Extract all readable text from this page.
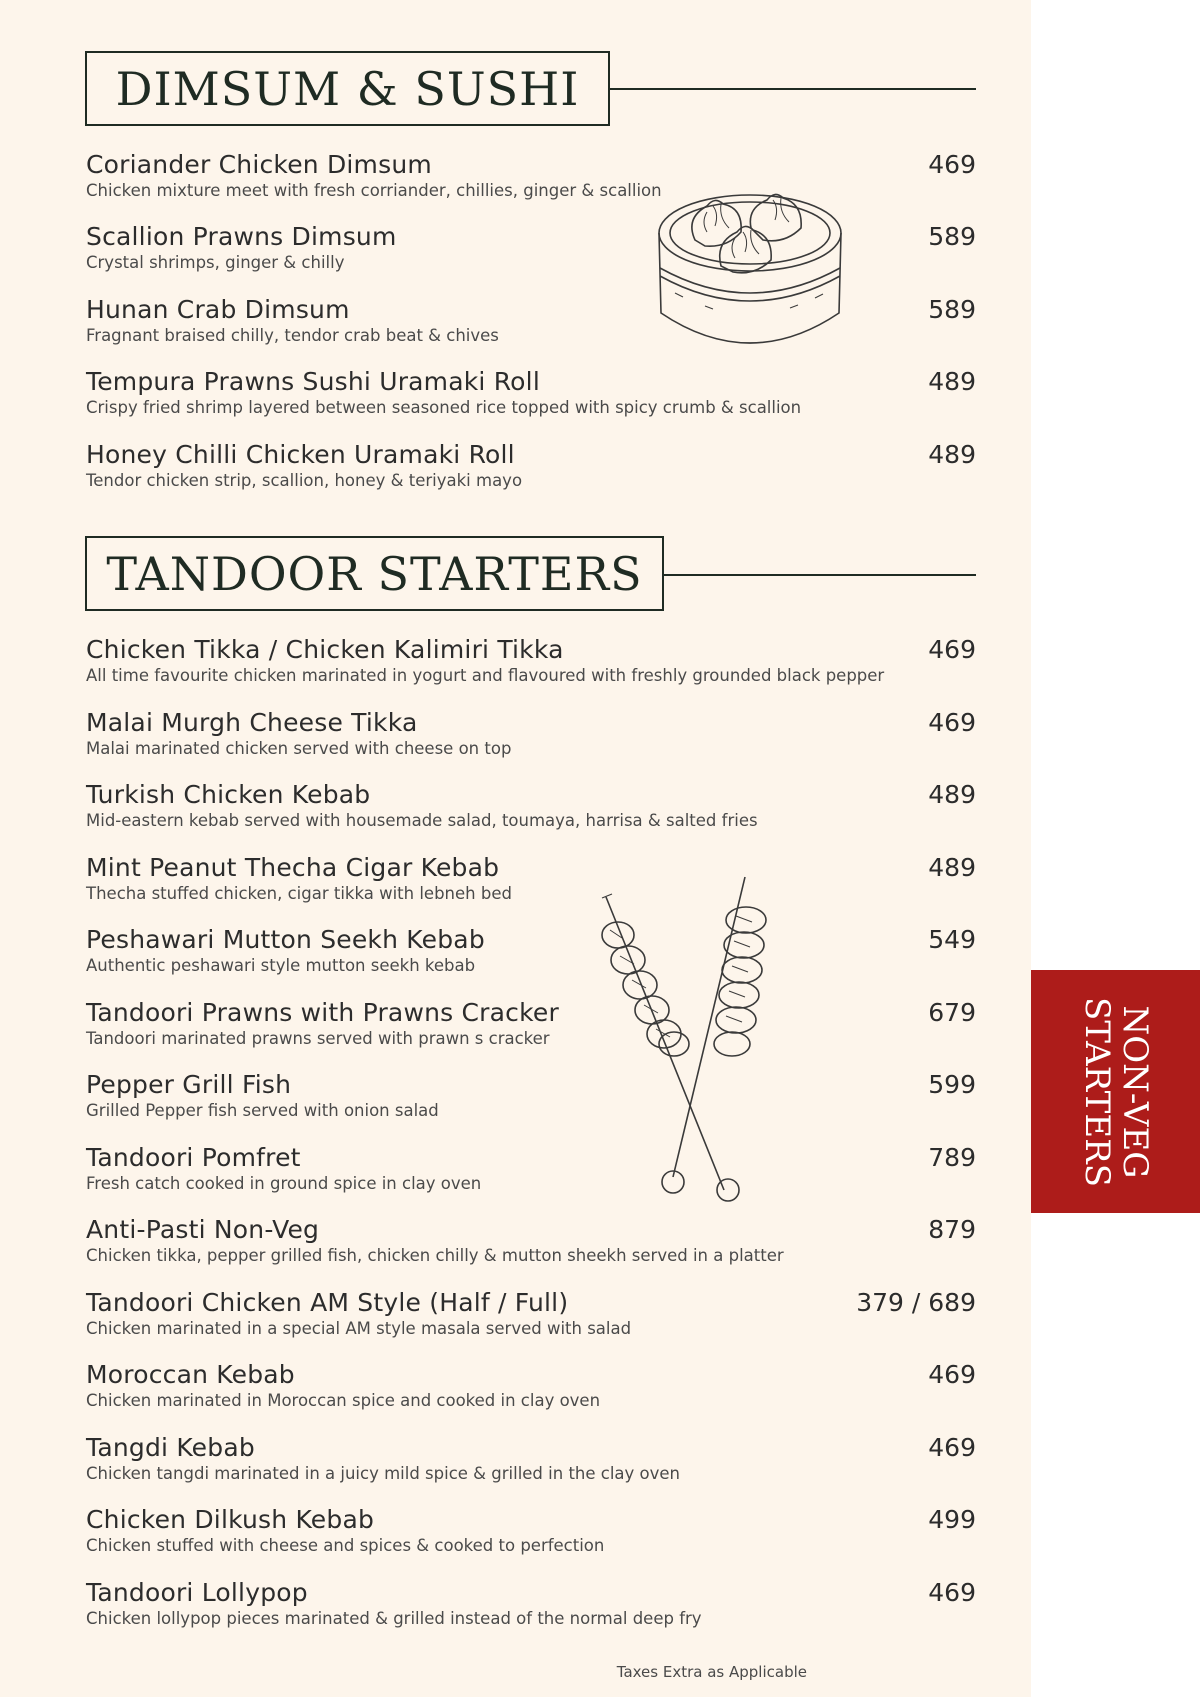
DIMSUM & SUSHI
Coriander Chicken Dimsum
Chicken mixture meet with fresh corriander, chillies, ginger & scallion
469
Scallion Prawns Dimsum
Crystal shrimps, ginger & chilly
589
Hunan Crab Dimsum
Fragnant braised chilly, tendor crab beat & chives
589
Tempura Prawns Sushi Uramaki Roll
Crispy fried shrimp layered between seasoned rice topped with spicy crumb & scallion
489
Honey Chilli Chicken Uramaki Roll
Tendor chicken strip, scallion, honey & teriyaki mayo
489
TANDOOR STARTERS
Chicken Tikka / Chicken Kalimiri Tikka
All time favourite chicken marinated in yogurt and flavoured with freshly grounded black pepper
469
Malai Murgh Cheese Tikka
Malai marinated chicken served with cheese on top
469
Turkish Chicken Kebab
Mid-eastern kebab served with housemade salad, toumaya, harrisa & salted fries
489
Mint Peanut Thecha Cigar Kebab
Thecha stuffed chicken, cigar tikka with lebneh bed
489
Peshawari Mutton Seekh Kebab
Authentic peshawari style mutton seekh kebab
549
Tandoori Prawns with Prawns Cracker
Tandoori marinated prawns served with prawn s cracker
679
Pepper Grill Fish
Grilled Pepper fish served with onion salad
599
Tandoori Pomfret
Fresh catch cooked in ground spice in clay oven
789
Anti-Pasti Non-Veg
Chicken tikka, pepper grilled fish, chicken chilly & mutton sheekh served in a platter
879
Tandoori Chicken AM Style (Half / Full)
Chicken marinated in a special AM style masala served with salad
379 / 689
Moroccan Kebab
Chicken marinated in Moroccan spice and cooked in clay oven
469
Tangdi Kebab
Chicken tangdi marinated in a juicy mild spice & grilled in the clay oven
469
Chicken Dilkush Kebab
Chicken stuffed with cheese and spices & cooked to perfection
499
Tandoori Lollypop
Chicken lollypop pieces marinated & grilled instead of the normal deep fry
469
Taxes Extra as Applicable
NON-VEG
STARTERS
